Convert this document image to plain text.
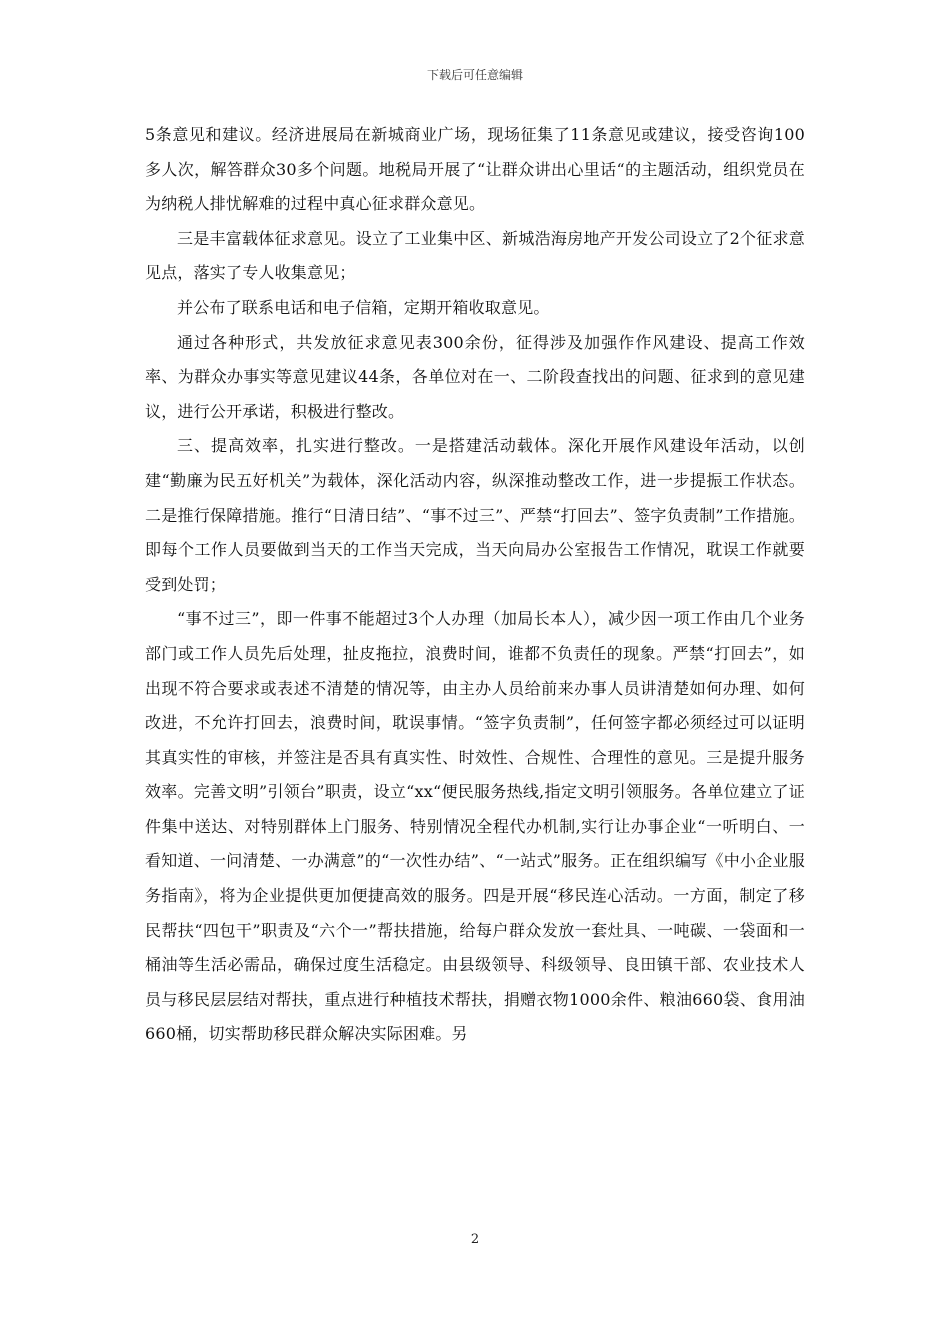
下载后可任意编辑

5条意见和建议。经济进展局在新城商业广场，现场征集了11条意见或建议，接受咨询100多人次，解答群众30多个问题。地税局开展了“让群众讲出心里话“的主题活动，组织党员在为纳税人排忧解难的过程中真心征求群众意见。

三是丰富载体征求意见。设立了工业集中区、新城浩海房地产开发公司设立了2个征求意见点，落实了专人收集意见；

并公布了联系电话和电子信箱，定期开箱收取意见。

通过各种形式，共发放征求意见表300余份，征得涉及加强作作风建设、提高工作效率、为群众办事实等意见建议44条，各单位对在一、二阶段查找出的问题、征求到的意见建议，进行公开承诺，积极进行整改。

三、提高效率，扎实进行整改。一是搭建活动载体。深化开展作风建设年活动，以创建“勤廉为民五好机关”为载体，深化活动内容，纵深推动整改工作，进一步提振工作状态。二是推行保障措施。推行“日清日结”、“事不过三”、严禁“打回去”、签字负责制”工作措施。即每个工作人员要做到当天的工作当天完成，当天向局办公室报告工作情况，耽误工作就要受到处罚；

“事不过三”，即一件事不能超过3个人办理（加局长本人），减少因一项工作由几个业务部门或工作人员先后处理，扯皮拖拉，浪费时间，谁都不负责任的现象。严禁“打回去”，如出现不符合要求或表述不清楚的情况等，由主办人员给前来办事人员讲清楚如何办理、如何改进，不允许打回去，浪费时间，耽误事情。“签字负责制”，任何签字都必须经过可以证明其真实性的审核，并签注是否具有真实性、时效性、合规性、合理性的意见。三是提升服务效率。完善文明”引领台”职责，设立“xx“便民服务热线,指定文明引领服务。各单位建立了证件集中送达、对特别群体上门服务、特别情况全程代办机制,实行让办事企业“一听明白、一看知道、一问清楚、一办满意”的“一次性办结”、“一站式”服务。正在组织编写《中小企业服务指南》，将为企业提供更加便捷高效的服务。四是开展“移民连心活动。一方面，制定了移民帮扶“四包干”职责及“六个一”帮扶措施，给每户群众发放一套灶具、一吨碳、一袋面和一桶油等生活必需品，确保过度生活稳定。由县级领导、科级领导、良田镇干部、农业技术人员与移民层层结对帮扶，重点进行种植技术帮扶，捐赠衣物1000余件、粮油660袋、食用油660桶，切实帮助移民群众解决实际困难。另

2
